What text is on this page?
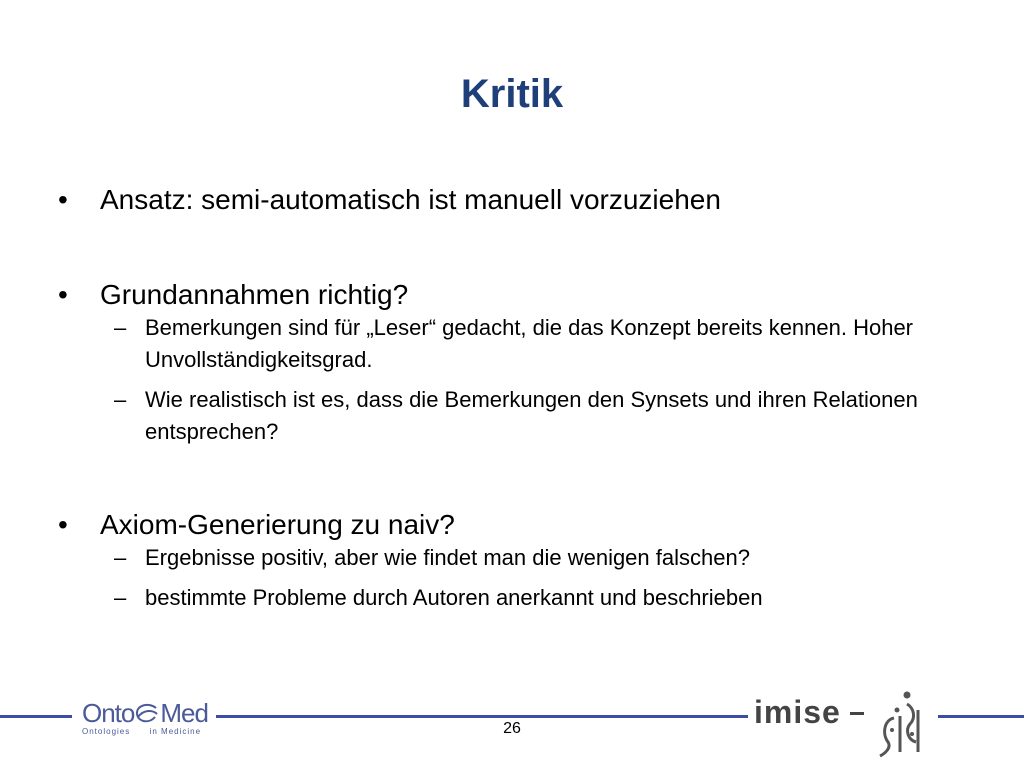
Kritik
• Ansatz: semi-automatisch ist manuell vorzuziehen
• Grundannahmen richtig?
– Bemerkungen sind für „Leser“ gedacht, die das Konzept bereits kennen. Hoher Unvollständigkeitsgrad.
– Wie realistisch ist es, dass die Bemerkungen den Synsets und ihren Relationen entsprechen?
• Axiom-Generierung zu naiv?
– Ergebnisse positiv, aber wie findet man die wenigen falschen?
– bestimmte Probleme durch Autoren anerkannt und beschrieben
Onto Med
Ontologies in Medicine	26	imise
